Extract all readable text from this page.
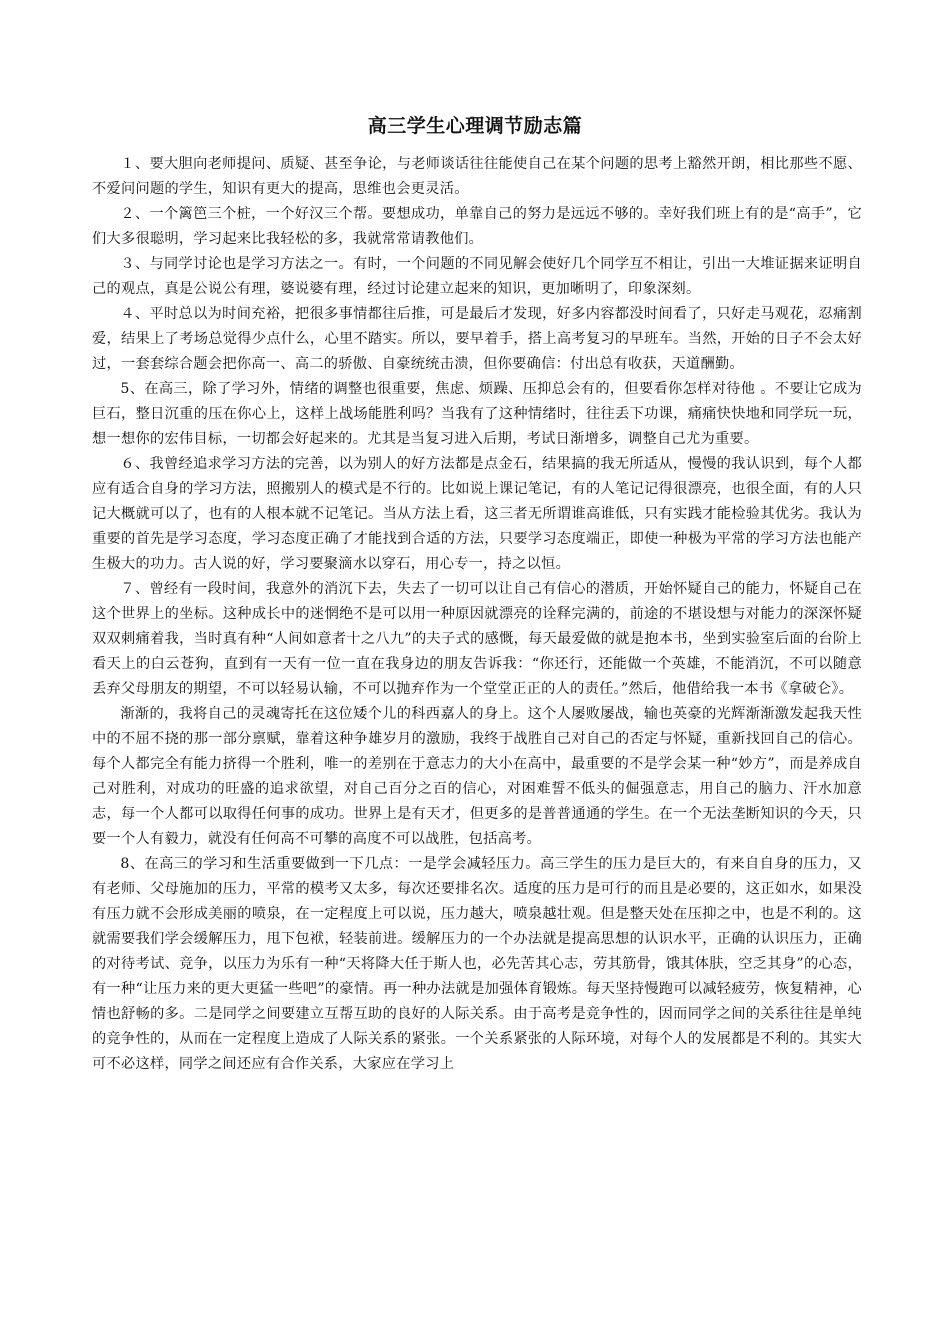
高三学生心理调节励志篇

１、要大胆向老师提问、质疑、甚至争论，与老师谈话往往能使自己在某个问题的思考上豁然开朗，相比那些不愿、不爱问问题的学生，知识有更大的提高，思维也会更灵活。

２、一个篱笆三个桩，一个好汉三个帮。要想成功，单靠自己的努力是远远不够的。幸好我们班上有的是“高手”，它们大多很聪明，学习起来比我轻松的多，我就常常请教他们。

３、与同学讨论也是学习方法之一。有时，一个问题的不同见解会使好几个同学互不相让，引出一大堆证据来证明自己的观点，真是公说公有理，婆说婆有理，经过讨论建立起来的知识，更加晰明了，印象深刻。

４、平时总以为时间充裕，把很多事情都往后推，可是最后才发现，好多内容都没时间看了，只好走马观花，忍痛割爱，结果上了考场总觉得少点什么，心里不踏实。所以，要早着手，搭上高考复习的早班车。当然，开始的日子不会太好过，一套套综合题会把你高一、高二的骄傲、自豪统统击溃，但你要确信：付出总有收获，天道酬勤。

5、在高三，除了学习外，情绪的调整也很重要，焦虑、烦躁、压抑总会有的，但要看你怎样对待他 。不要让它成为巨石，整日沉重的压在你心上，这样上战场能胜利吗？当我有了这种情绪时，往往丢下功课，痛痛快快地和同学玩一玩，想一想你的宏伟目标，一切都会好起来的。尤其是当复习进入后期，考试日渐增多，调整自己尤为重要。

６、我曾经追求学习方法的完善，以为别人的好方法都是点金石，结果搞的我无所适从，慢慢的我认识到，每个人都应有适合自身的学习方法，照搬别人的模式是不行的。比如说上课记笔记，有的人笔记记得很漂亮，也很全面，有的人只记大概就可以了，也有的人根本就不记笔记。当从方法上看，这三者无所谓谁高谁低，只有实践才能检验其优劣。我认为重要的首先是学习态度，学习态度正确了才能找到合适的方法，只要学习态度端正，即使一种极为平常的学习方法也能产生极大的功力。古人说的好，学习要聚滴水以穿石，用心专一，持之以恒。

７、曾经有一段时间，我意外的消沉下去，失去了一切可以让自己有信心的潜质，开始怀疑自己的能力，怀疑自己在这个世界上的坐标。这种成长中的迷惘绝不是可以用一种原因就漂亮的诠释完满的，前途的不堪设想与对能力的深深怀疑双双刺痛着我，当时真有种“人间如意者十之八九”的夫子式的感慨，每天最爱做的就是抱本书，坐到实验室后面的台阶上看天上的白云苍狗，直到有一天有一位一直在我身边的朋友告诉我：“你还行，还能做一个英雄，不能消沉，不可以随意丢弃父母朋友的期望，不可以轻易认输，不可以抛弃作为一个堂堂正正的人的责任。”然后，他借给我一本书《拿破仑》。

渐渐的，我将自己的灵魂寄托在这位矮个儿的科西嘉人的身上。这个人屡败屡战，输也英豪的光辉渐渐激发起我天性中的不屈不挠的那一部分禀赋，靠着这种争雄岁月的激励，我终于战胜自己对自己的否定与怀疑，重新找回自己的信心。每个人都完全有能力挤得一个胜利，唯一的差别在于意志力的大小在高中，最重要的不是学会某一种“妙方”，而是养成自己对胜利，对成功的旺盛的追求欲望，对自己百分之百的信心，对困难誓不低头的倔强意志，用自己的脑力、汗水加意志，每一个人都可以取得任何事的成功。世界上是有天才，但更多的是普普通通的学生。在一个无法垄断知识的今天，只要一个人有毅力，就没有任何高不可攀的高度不可以战胜，包括高考。

8、在高三的学习和生活重要做到一下几点：一是学会减轻压力。高三学生的压力是巨大的，有来自自身的压力，又有老师、父母施加的压力，平常的模考又太多，每次还要排名次。适度的压力是可行的而且是必要的，这正如水，如果没有压力就不会形成美丽的喷泉，在一定程度上可以说，压力越大，喷泉越壮观。但是整天处在压抑之中，也是不利的。这就需要我们学会缓解压力，甩下包袱，轻装前进。缓解压力的一个办法就是提高思想的认识水平，正确的认识压力，正确的对待考试、竞争，以压力为乐有一种“天将降大任于斯人也，必先苦其心志，劳其筋骨，饿其体肤，空乏其身”的心态，有一种“让压力来的更大更猛一些吧”的豪情。再一种办法就是加强体育锻炼。每天坚持慢跑可以减轻疲劳，恢复精神，心情也舒畅的多。二是同学之间要建立互帮互助的良好的人际关系。由于高考是竞争性的，因而同学之间的关系往往是单纯的竞争性的，从而在一定程度上造成了人际关系的紧张。一个关系紧张的人际环境，对每个人的发展都是不利的。其实大可不必这样，同学之间还应有合作关系，大家应在学习上
